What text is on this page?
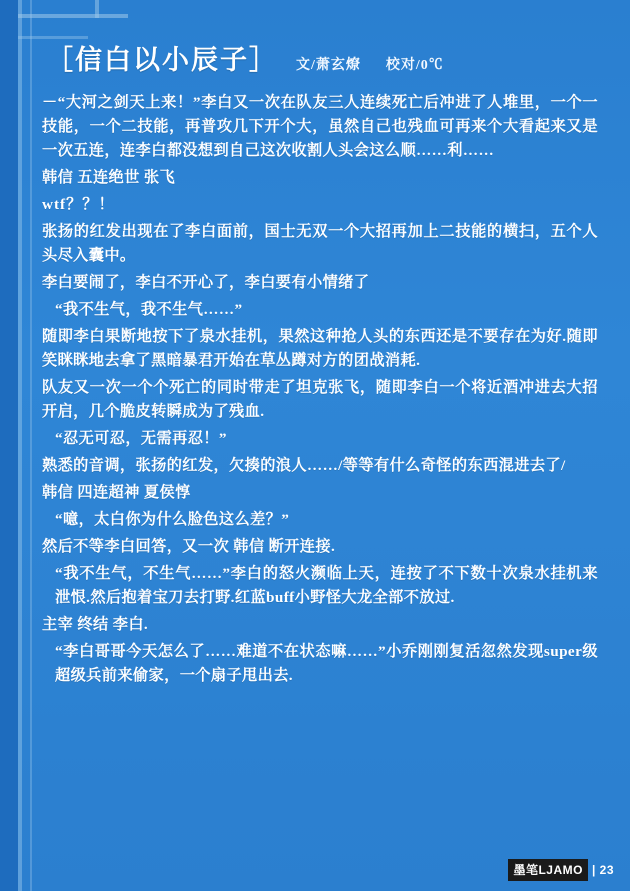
［信白以小辰子］ 文/萧玄燎 校对/0℃

－“大河之剑天上来！”李白又一次在队友三人连续死亡后冲进了人堆里，一个一技能，一个二技能，再普攻几下开个大，虽然自己也残血可再来个大看起来又是一次五连，连李白都没想到自己这次收割人头会这么顺……利……

韩信 五连绝世 张飞

wtf？？！

张扬的红发出现在了李白面前，国士无双一个大招再加上二技能的横扫，五个人头尽入囊中。

李白要闹了，李白不开心了，李白要有小情绪了

“我不生气，我不生气……”

随即李白果断地按下了泉水挂机，果然这种抢人头的东西还是不要存在为好.随即笑眯眯地去拿了黑暗暴君开始在草丛蹲对方的团战消耗.

队友又一次一个个死亡的同时带走了坦克张飞，随即李白一个将近酒冲进去大招开启，几个脆皮转瞬成为了残血.

“忍无可忍，无需再忍！”

熟悉的音调，张扬的红发，欠揍的浪人……/等等有什么奇怪的东西混进去了/

韩信 四连超神 夏侯惇

“噫，太白你为什么脸色这么差？”

然后不等李白回答，又一次 韩信 断开连接.

“我不生气，不生气……”李白的怒火濒临上天，连按了不下数十次泉水挂机来泄恨.然后抱着宝刀去打野.红蓝buff小野怪大龙全部不放过.

主宰 终结 李白.

“李白哥哥今天怎么了……难道不在状态嘛……”小乔刚刚复活忽然发现super级超级兵前来偷家，一个扇子甩出去.

墨笔LJAMO | 23
